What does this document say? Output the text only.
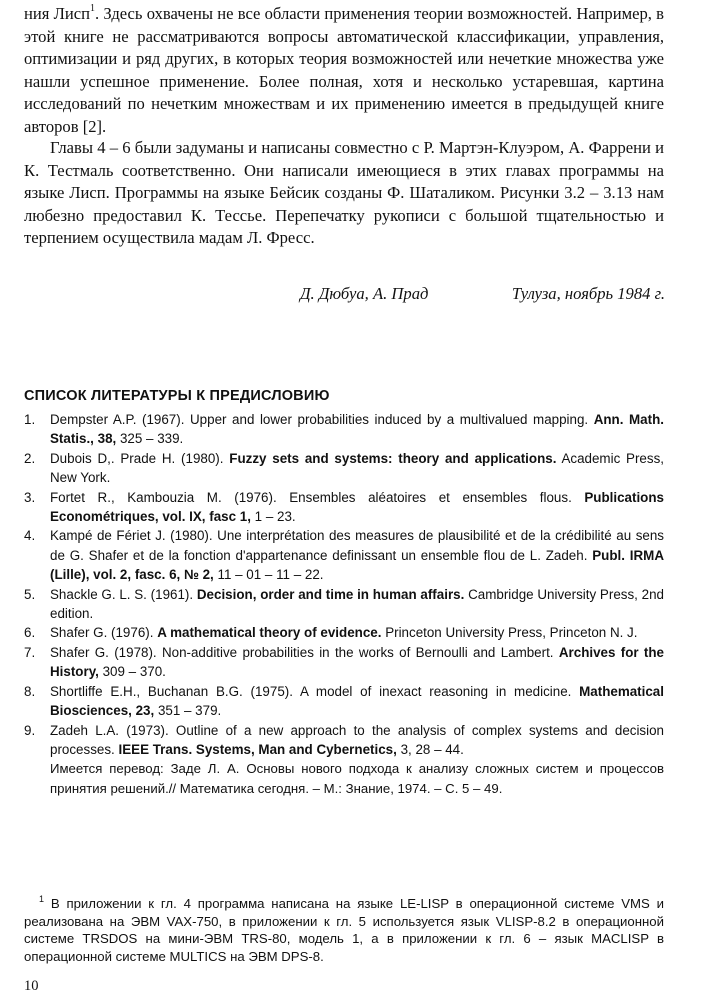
ния Лисп$^1$. Здесь охвачены не все области применения теории возможностей. Например, в этой книге не рассматриваются вопросы автоматической классификации, управления, оптимизации и ряд других, в которых теория возможностей или нечеткие множества уже нашли успешное применение. Более полная, хотя и несколько устаревшая, картина исследований по нечетким множествам и их применению имеется в предыдущей книге авторов [2].

Главы 4 – 6 были задуманы и написаны совместно с Р. Мартэн-Клуэром, А. Фаррени и К. Тестмаль соответственно. Они написали имеющиеся в этих главах программы на языке Лисп. Программы на языке Бейсик созданы Ф. Шаталиком. Рисунки 3.2 – 3.13 нам любезно предоставил К. Тессье. Перепечатку рукописи с большой тщательностью и терпением осуществила мадам Л. Фресс.

Д. Дюбуа, А. Прад	Тулуза, ноябрь 1984 г.
СПИСОК ЛИТЕРАТУРЫ К ПРЕДИСЛОВИЮ
1. Dempster A.P. (1967). Upper and lower probabilities induced by a multivalued mapping. Ann. Math. Statis., 38, 325 – 339.
2. Dubois D,. Prade H. (1980). Fuzzy sets and systems: theory and applications. Academic Press, New York.
3. Fortet R., Kambouzia M. (1976). Ensembles aléatoires et ensembles flous. Publications Econométriques, vol. IX, fasc 1, 1 – 23.
4. Kampé de Fériet J. (1980). Une interprétation des measures de plausibilité et de la crédibilité au sens de G. Shafer et de la fonction d'appartenance definissant un ensemble flou de L. Zadeh. Publ. IRMA (Lille), vol. 2, fasc. 6, № 2, 11 – 01 – 11 – 22.
5. Shackle G. L. S. (1961). Decision, order and time in human affairs. Cambridge University Press, 2nd edition.
6. Shafer G. (1976). A mathematical theory of evidence. Princeton University Press, Princeton N. J.
7. Shafer G. (1978). Non-additive probabilities in the works of Bernoulli and Lambert. Archives for the History, 309 – 370.
8. Shortliffe E.H., Buchanan B.G. (1975). A model of inexact reasoning in medicine. Mathematical Biosciences, 23, 351 – 379.
9. Zadeh L.A. (1973). Outline of a new approach to the analysis of complex systems and decision processes. IEEE Trans. Systems, Man and Cybernetics, 3, 28 – 44.
Имеется перевод: Заде Л. А. Основы нового подхода к анализу сложных систем и процессов принятия решений.// Математика сегодня. – М.: Знание, 1974. – С. 5 – 49.

$^1$ В приложении к гл. 4 программа написана на языке LE-LISP в операционной системе VMS и реализована на ЭВМ VAX-750, в приложении к гл. 5 используется язык VLISP-8.2 в операционной системе TRSDOS на мини-ЭВМ TRS-80, модель 1, а в приложении к гл. 6 – язык MACLISP в операционной системе MULTICS на ЭВМ DPS-8.

10
